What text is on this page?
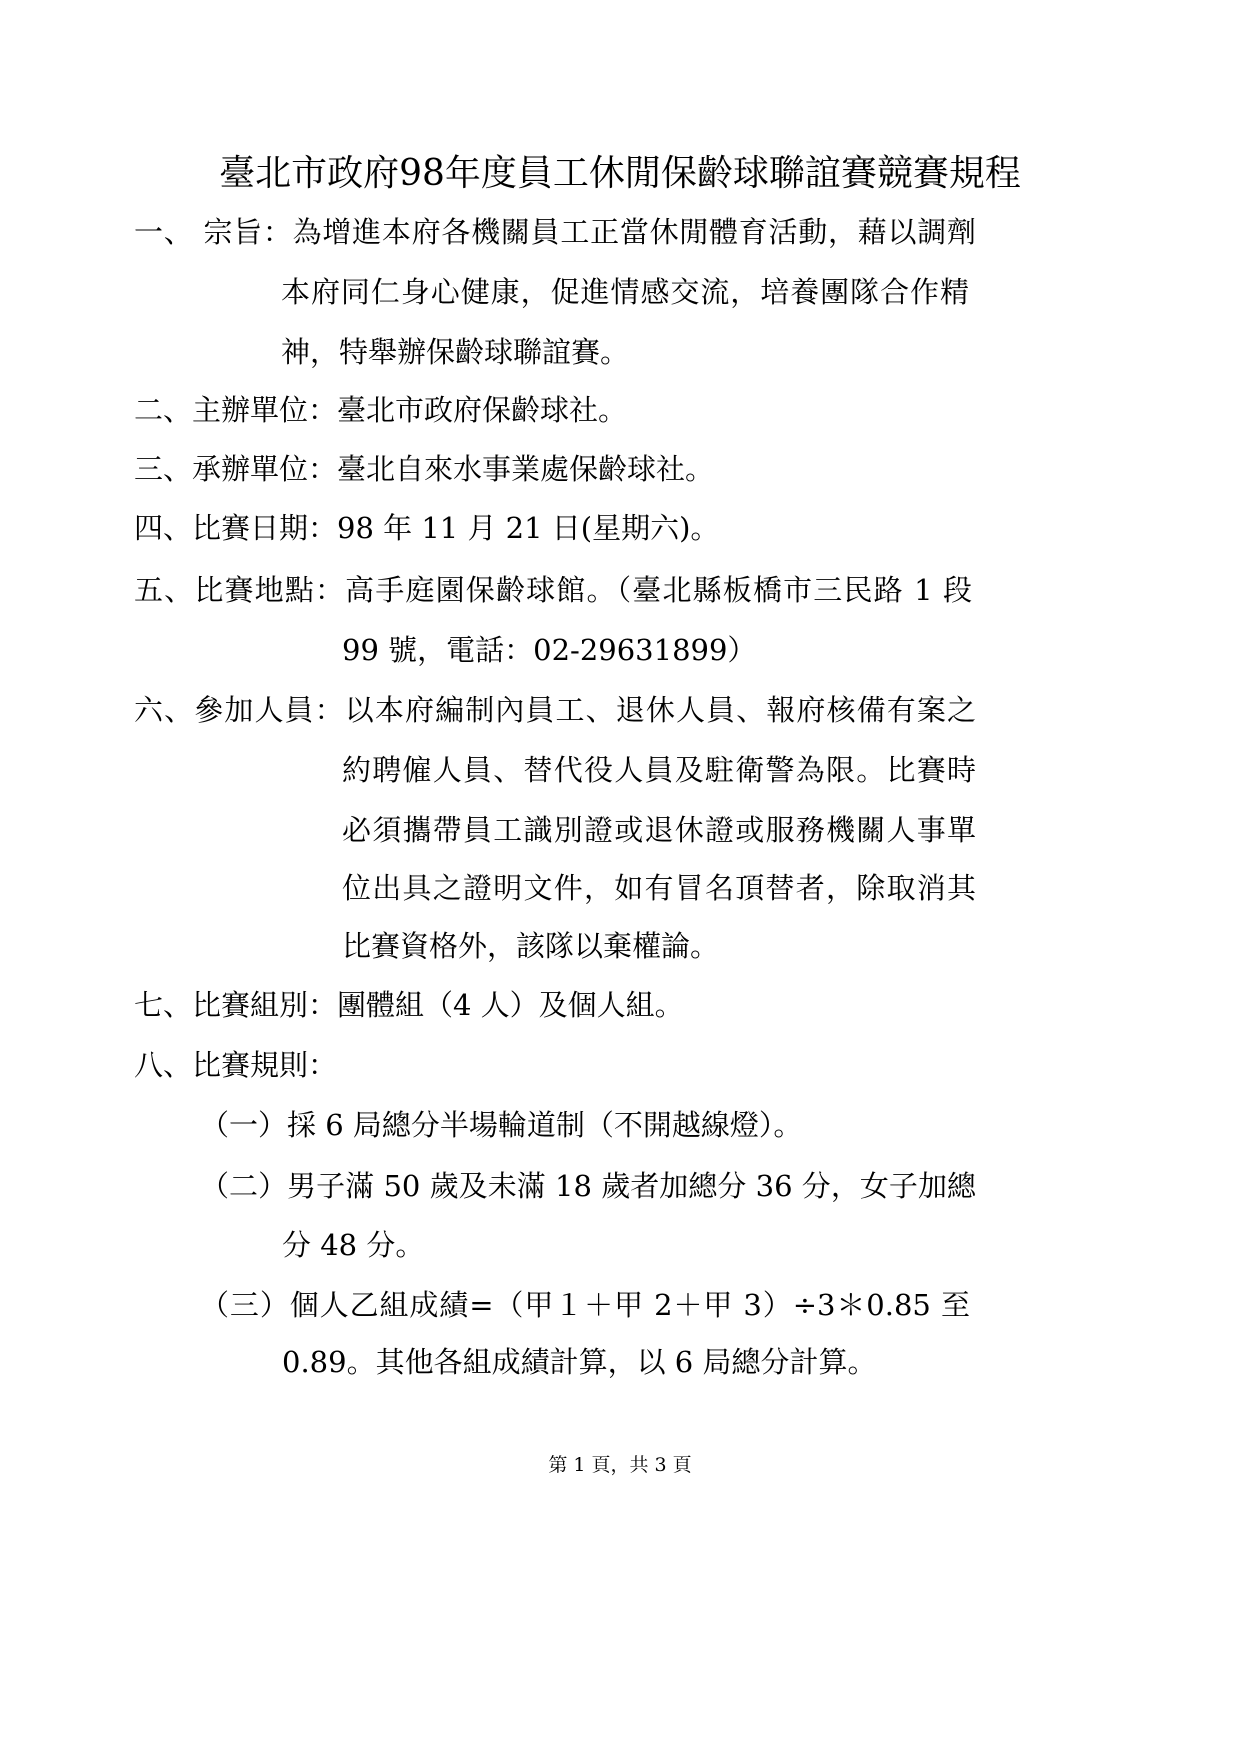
臺北市政府98年度員工休閒保齡球聯誼賽競賽規程
一、 宗旨：為增進本府各機關員工正當休閒體育活動，藉以調劑
本府同仁身心健康，促進情感交流，培養團隊合作精
神，特舉辦保齡球聯誼賽。
二、主辦單位：臺北市政府保齡球社。
三、承辦單位：臺北自來水事業處保齡球社。
四、比賽日期：98 年 11 月 21 日(星期六)。
五、比賽地點：高手庭園保齡球館。（臺北縣板橋市三民路 1 段
99 號，電話：02-29631899）
六、參加人員：以本府編制內員工、退休人員、報府核備有案之
約聘僱人員、替代役人員及駐衛警為限。比賽時
必須攜帶員工識別證或退休證或服務機關人事單
位出具之證明文件，如有冒名頂替者，除取消其
比賽資格外，該隊以棄權論。
七、比賽組別：團體組（4 人）及個人組。
八、比賽規則：
（一）採 6 局總分半場輪道制（不開越線燈）。
（二）男子滿 50 歲及未滿 18 歲者加總分 36 分，女子加總
分 48 分。
（三）個人乙組成績=（甲１＋甲 2＋甲 3）÷3＊0.85 至
0.89。其他各組成績計算，以 6 局總分計算。
第 1 頁，共 3 頁
